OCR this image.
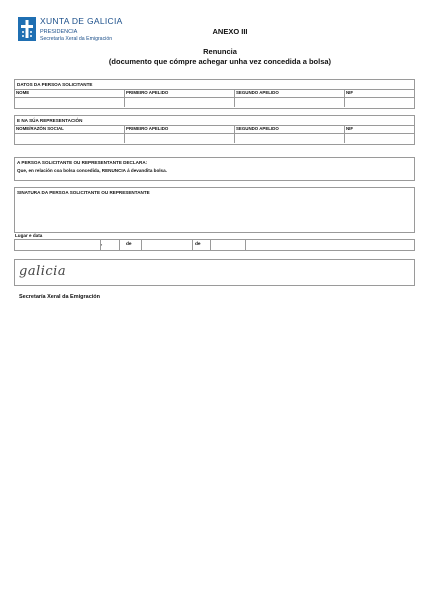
XUNTA DE GALICIA
PRESIDENCIA
Secretaría Xeral da Emigración
ANEXO III
Renuncia
(documento que cómpre achegar unha vez concedida a bolsa)
DATOS DA PERSOA SOLICITANTE
NOME	PRIMEIRO APELIDO	SEGUNDO APELIDO	NIF
E NA SÚA REPRESENTACIÓN
NOME/RAZÓN SOCIAL	PRIMEIRO APELIDO	SEGUNDO APELIDO	NIF
A PERSOA SOLICITANTE OU REPRESENTANTE DECLARA:
Que, en relación coa bolsa concedida, RENUNCIA á devandita bolsa.
SINATURA DA PERSOA SOLICITANTE OU REPRESENTANTE
Lugar e data
,	de	de
galicia
Secretaría Xeral da Emigración
